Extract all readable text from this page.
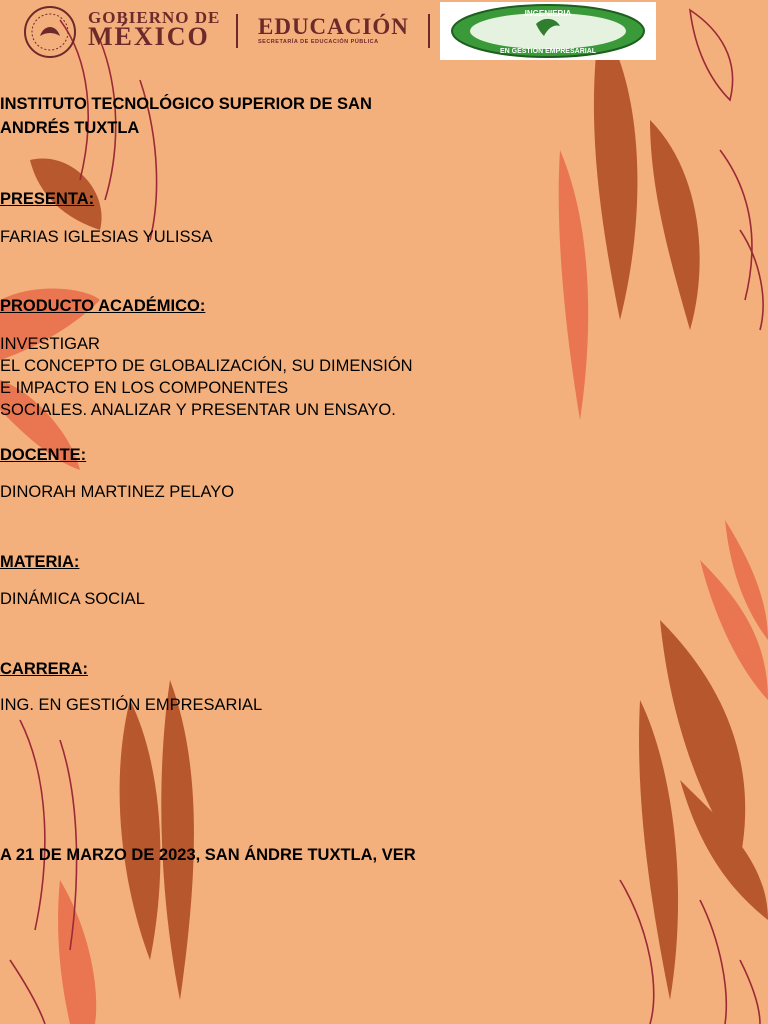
GOBIERNO DE
MÉXICO EDUCACIÓN
SECRETARÍA DE EDUCACIÓN PÚBLICA
INGENIERIA
EN GESTION EMPRESARIAL
INSTITUTO TECNOLÓGICO SUPERIOR DE SAN
ANDRÉS TUXTLA
PRESENTA:
FARIAS IGLESIAS YULISSA
PRODUCTO ACADÉMICO:
INVESTIGAR
EL CONCEPTO DE GLOBALIZACIÓN, SU DIMENSIÓN
E IMPACTO EN LOS COMPONENTES
SOCIALES. ANALIZAR Y PRESENTAR UN ENSAYO.
DOCENTE:
DINORAH MARTINEZ PELAYO
MATERIA:
DINÁMICA SOCIAL
CARRERA:
ING. EN GESTIÓN EMPRESARIAL
A 21 DE MARZO DE 2023, SAN ÁNDRE TUXTLA, VER
